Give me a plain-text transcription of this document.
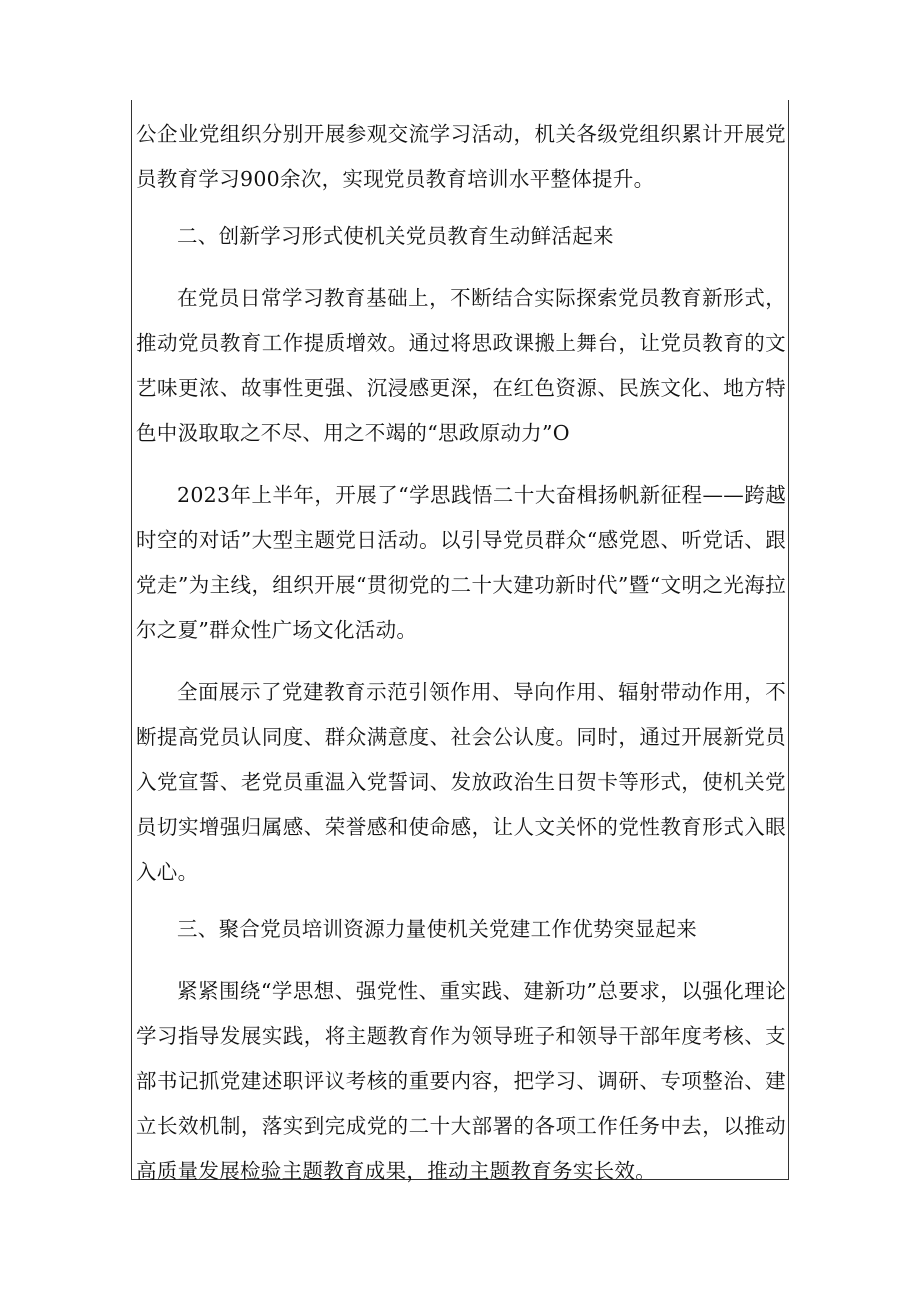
公企业党组织分别开展参观交流学习活动，机关各级党组织累计开展党员教育学习900余次，实现党员教育培训水平整体提升。

二、创新学习形式使机关党员教育生动鲜活起来

在党员日常学习教育基础上，不断结合实际探索党员教育新形式，推动党员教育工作提质增效。通过将思政课搬上舞台，让党员教育的文艺味更浓、故事性更强、沉浸感更深，在红色资源、民族文化、地方特色中汲取取之不尽、用之不竭的“思政原动力”O

2023年上半年，开展了“学思践悟二十大奋楫扬帆新征程——跨越时空的对话”大型主题党日活动。以引导党员群众“感党恩、听党话、跟党走”为主线，组织开展“贯彻党的二十大建功新时代”暨“文明之光海拉尔之夏”群众性广场文化活动。

全面展示了党建教育示范引领作用、导向作用、辐射带动作用，不断提高党员认同度、群众满意度、社会公认度。同时，通过开展新党员入党宣誓、老党员重温入党誓词、发放政治生日贺卡等形式，使机关党员切实增强归属感、荣誉感和使命感，让人文关怀的党性教育形式入眼入心。

三、聚合党员培训资源力量使机关党建工作优势突显起来

紧紧围绕“学思想、强党性、重实践、建新功”总要求，以强化理论学习指导发展实践，将主题教育作为领导班子和领导干部年度考核、支部书记抓党建述职评议考核的重要内容，把学习、调研、专项整治、建立长效机制，落实到完成党的二十大部署的各项工作任务中去，以推动高质量发展检验主题教育成果，推动主题教育务实长效。
